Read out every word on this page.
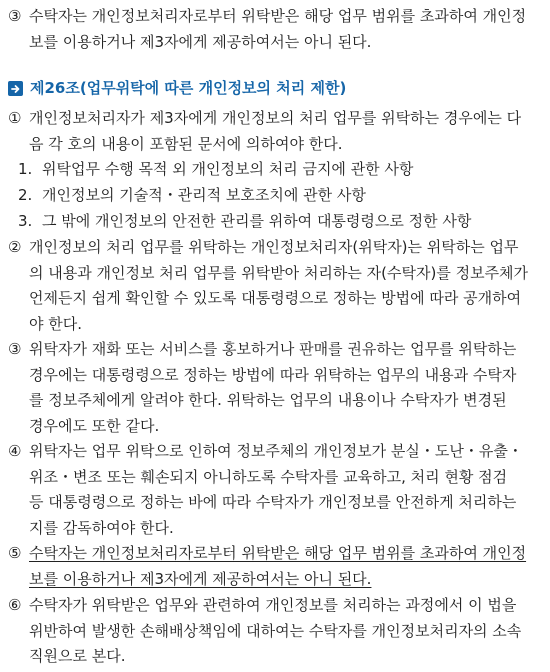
③ 수탁자는 개인정보처리자로부터 위탁받은 해당 업무 범위를 초과하여 개인정
보를 이용하거나 제3자에게 제공하여서는 아니 된다.
제26조(업무위탁에 따른 개인정보의 처리 제한)
① 개인정보처리자가 제3자에게 개인정보의 처리 업무를 위탁하는 경우에는 다
음 각 호의 내용이 포함된 문서에 의하여야 한다.
1. 위탁업무 수행 목적 외 개인정보의 처리 금지에 관한 사항
2. 개인정보의 기술적・관리적 보호조치에 관한 사항
3. 그 밖에 개인정보의 안전한 관리를 위하여 대통령령으로 정한 사항
② 개인정보의 처리 업무를 위탁하는 개인정보처리자(위탁자)는 위탁하는 업무
의 내용과 개인정보 처리 업무를 위탁받아 처리하는 자(수탁자)를 정보주체가
언제든지 쉽게 확인할 수 있도록 대통령령으로 정하는 방법에 따라 공개하여
야 한다.
③ 위탁자가 재화 또는 서비스를 홍보하거나 판매를 권유하는 업무를 위탁하는
경우에는 대통령령으로 정하는 방법에 따라 위탁하는 업무의 내용과 수탁자
를 정보주체에게 알려야 한다. 위탁하는 업무의 내용이나 수탁자가 변경된
경우에도 또한 같다.
④ 위탁자는 업무 위탁으로 인하여 정보주체의 개인정보가 분실・도난・유출・
위조・변조 또는 훼손되지 아니하도록 수탁자를 교육하고, 처리 현황 점검
등 대통령령으로 정하는 바에 따라 수탁자가 개인정보를 안전하게 처리하는
지를 감독하여야 한다.
⑤ 수탁자는 개인정보처리자로부터 위탁받은 해당 업무 범위를 초과하여 개인정
보를 이용하거나 제3자에게 제공하여서는 아니 된다.
⑥ 수탁자가 위탁받은 업무와 관련하여 개인정보를 처리하는 과정에서 이 법을
위반하여 발생한 손해배상책임에 대하여는 수탁자를 개인정보처리자의 소속
직원으로 본다.
